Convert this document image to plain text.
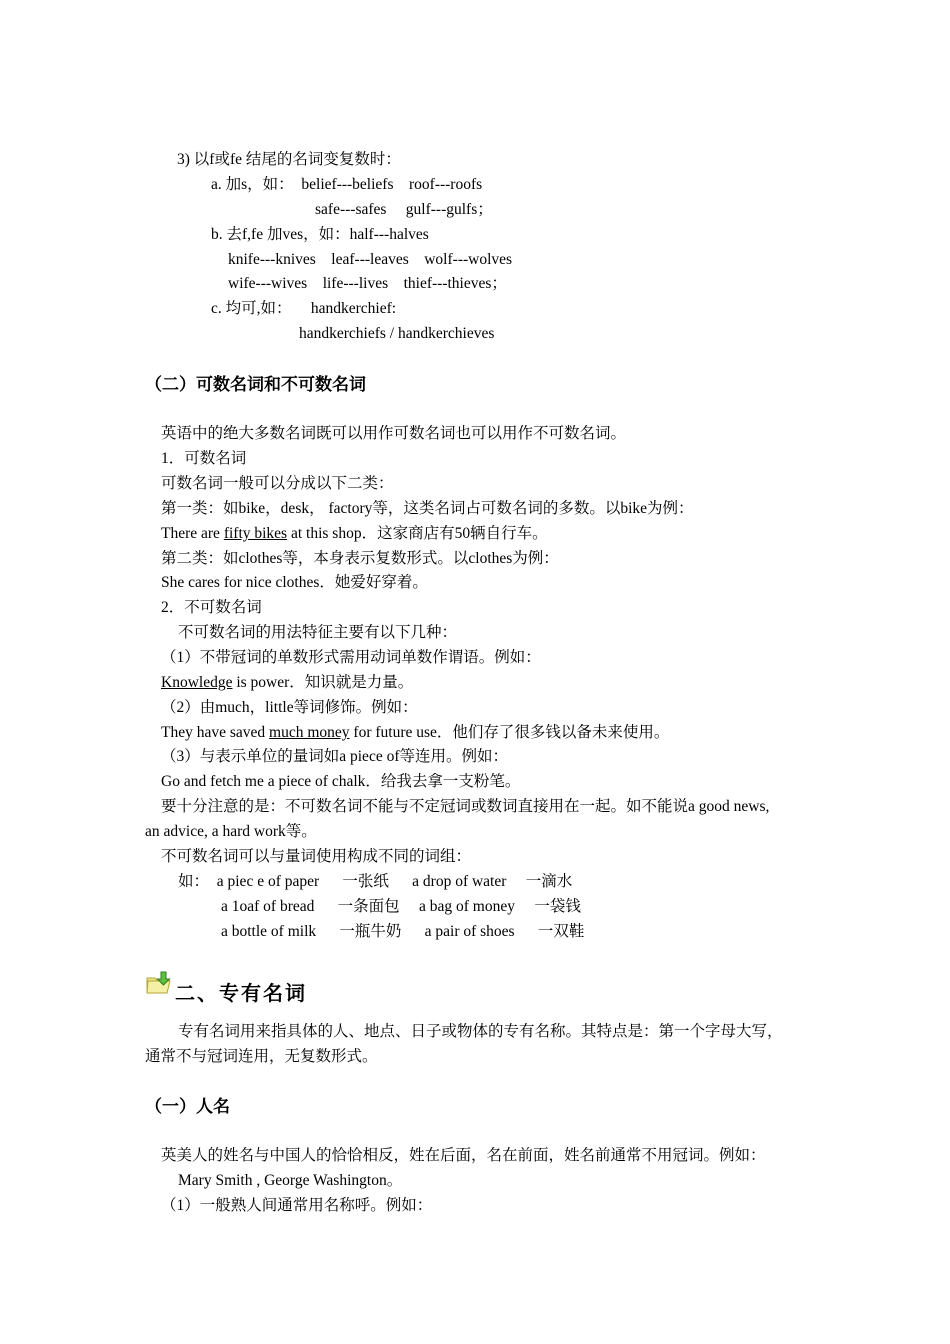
3) 以f或fe 结尾的名词变复数时：
a. 加s，如：  belief---beliefs    roof---roofs
safe---safes     gulf---gulfs；
b. 去f,fe 加ves，如：half---halves
knife---knives    leaf---leaves    wolf---wolves
wife---wives    life---lives    thief---thieves；
c. 均可,如：     handkerchief:
handkerchiefs / handkerchieves
（二）可数名词和不可数名词
英语中的绝大多数名词既可以用作可数名词也可以用作不可数名词。
1．可数名词
可数名词一般可以分成以下二类：
第一类：如bike，desk， factory等，这类名词占可数名词的多数。以bike为例：
There are fifty bikes at this shop．这家商店有50辆自行车。
第二类：如clothes等，本身表示复数形式。以clothes为例：
She cares for nice clothes．她爱好穿着。
2．不可数名词
不可数名词的用法特征主要有以下几种：
（1）不带冠词的单数形式需用动词单数作谓语。例如：
Knowledge is power．知识就是力量。
（2）由much，little等词修饰。例如：
They have saved much money for future use．他们存了很多钱以备未来使用。
（3）与表示单位的量词如a piece of等连用。例如：
Go and fetch me a piece of chalk．给我去拿一支粉笔。
要十分注意的是：不可数名词不能与不定冠词或数词直接用在一起。如不能说a good news,
an advice, a hard work等。
不可数名词可以与量词使用构成不同的词组：
如：  a piec e of paper      一张纸      a drop of water     一滴水
a 1oaf of bread      一条面包     a bag of money     一袋钱
a bottle of milk      一瓶牛奶      a pair of shoes      一双鞋
二、专有名词
专有名词用来指具体的人、地点、日子或物体的专有名称。其特点是：第一个字母大写，
通常不与冠词连用，无复数形式。
（一）人名
英美人的姓名与中国人的恰恰相反，姓在后面，名在前面，姓名前通常不用冠词。例如：
Mary Smith , George Washington。
（1）一般熟人间通常用名称呼。例如：
